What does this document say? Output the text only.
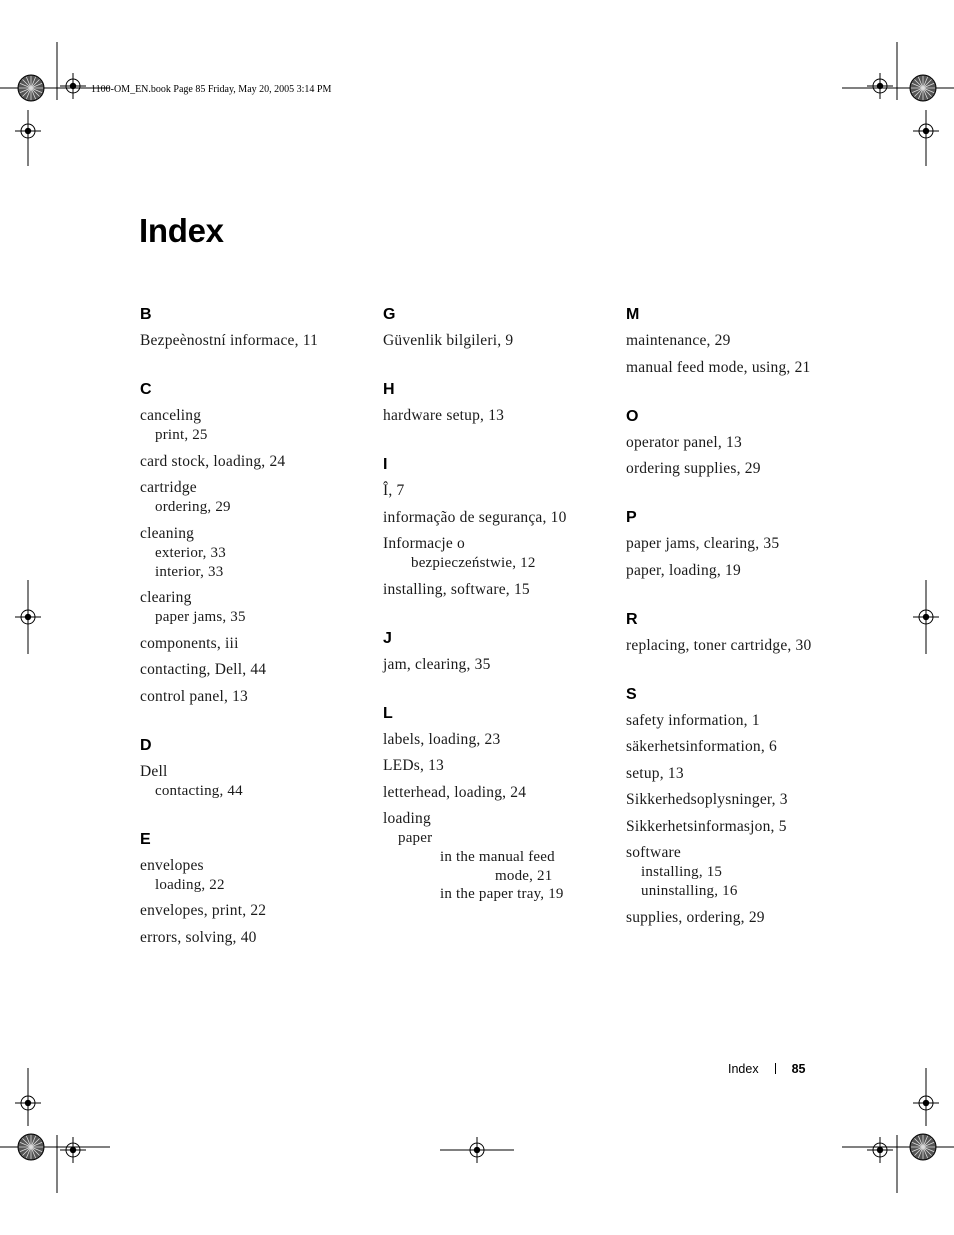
1100-OM_EN.book Page 85 Friday, May 20, 2005 3:14 PM
Index
B
Bezpeènostní informace, 11
C
canceling
print, 25
card stock, loading, 24
cartridge
ordering, 29
cleaning
exterior, 33
interior, 33
clearing
paper jams, 35
components, iii
contacting, Dell, 44
control panel, 13
D
Dell
contacting, 44
E
envelopes
loading, 22
envelopes, print, 22
errors, solving, 40
G
Güvenlik bilgileri, 9
H
hardware setup, 13
I
Î, 7
informação de segurança, 10
Informacje o
bezpieczeństwie, 12
installing, software, 15
J
jam, clearing, 35
L
labels, loading, 23
LEDs, 13
letterhead, loading, 24
loading
paper
in the manual feed
mode, 21
in the paper tray, 19
M
maintenance, 29
manual feed mode, using, 21
O
operator panel, 13
ordering supplies, 29
P
paper jams, clearing, 35
paper, loading, 19
R
replacing, toner cartridge, 30
S
safety information, 1
säkerhetsinformation, 6
setup, 13
Sikkerhedsoplysninger, 3
Sikkerhetsinformasjon, 5
software
installing, 15
uninstalling, 16
supplies, ordering, 29
Index	85
